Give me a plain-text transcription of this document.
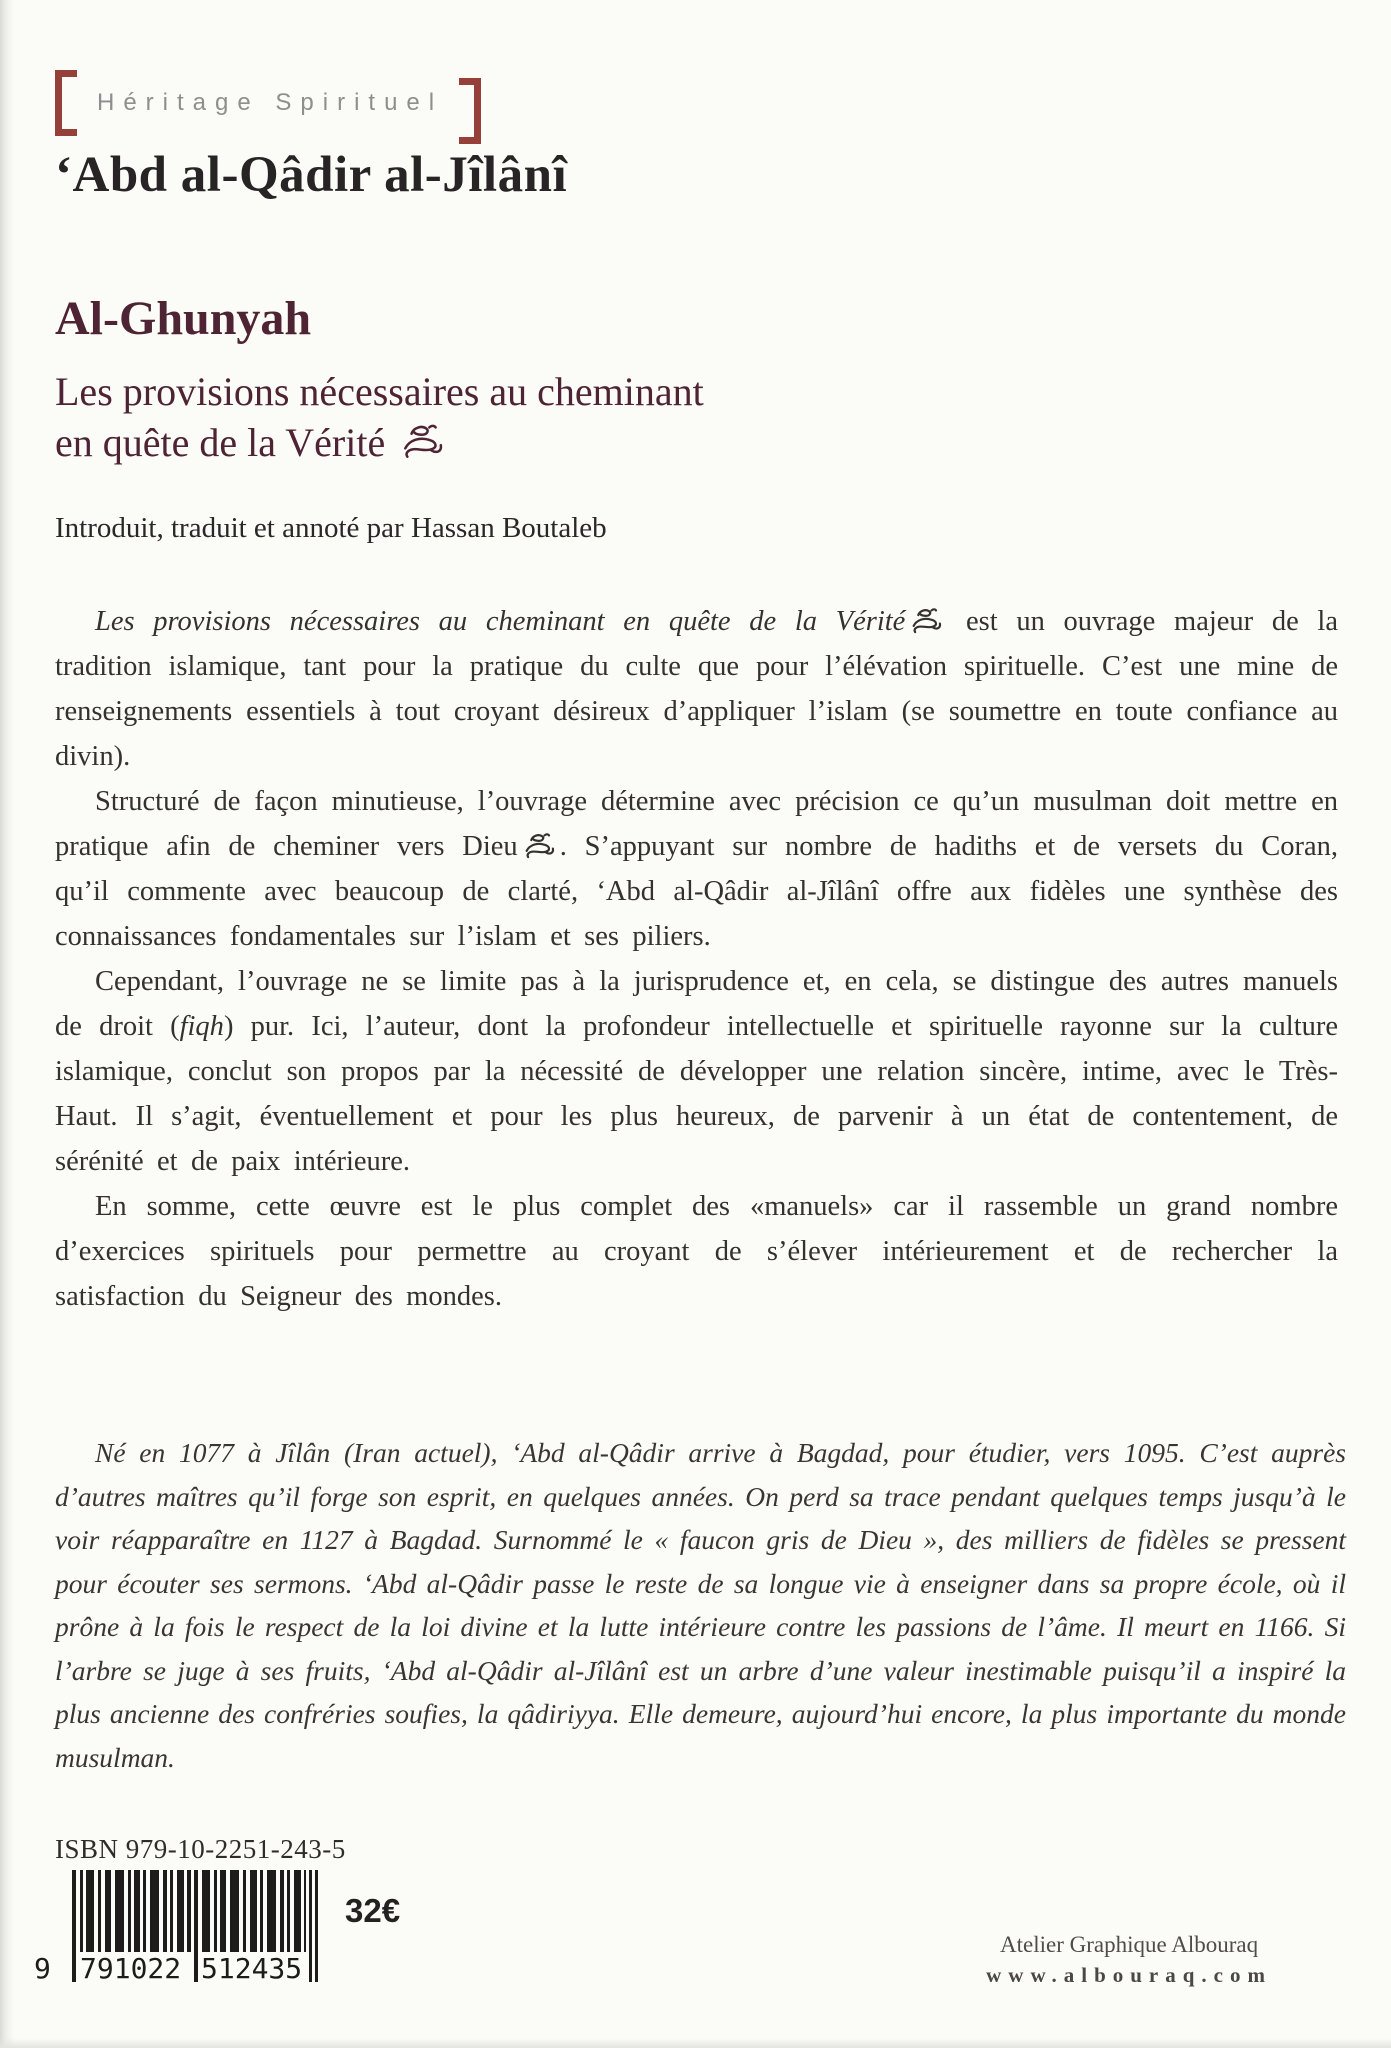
Héritage Spirituel
‘Abd al-Qâdir al-Jîlânî
Al-Ghunyah
Les provisions nécessaires au cheminant
en quête de la Vérité
Introduit, traduit et annoté par Hassan Boutaleb

Les provisions nécessaires au cheminant en quête de la Vérité
est un ouvrage majeur de la tradition islamique, tant pour la pratique du culte que pour l’élévation spirituelle. C’est une mine de renseignements essentiels à tout croyant désireux d’appliquer l’islam (se soumettre en toute confiance au divin).

Structuré de façon minutieuse, l’ouvrage détermine avec précision ce qu’un musulman doit mettre en pratique afin de cheminer vers Dieu . S’appuyant sur nombre de hadiths et de versets du Coran, qu’il commente avec beaucoup de clarté, ‘Abd al-Qâdir al-Jîlânî offre aux fidèles une synthèse des connaissances fondamentales sur l’islam et ses piliers.

Cependant, l’ouvrage ne se limite pas à la jurisprudence et, en cela, se distingue des autres manuels de droit (fiqh) pur. Ici, l’auteur, dont la profondeur intellectuelle et spirituelle rayonne sur la culture islamique, conclut son propos par la nécessité de développer une relation sincère, intime, avec le Très-Haut. Il s’agit, éventuellement et pour les plus heureux, de parvenir à un état de contentement, de sérénité et de paix intérieure.

En somme, cette œuvre est le plus complet des «manuels» car il rassemble un grand nombre d’exercices spirituels pour permettre au croyant de s’élever intérieurement et de rechercher la satisfaction du Seigneur des mondes.

Né en 1077 à Jîlân (Iran actuel), ‘Abd al-Qâdir arrive à Bagdad, pour étudier, vers 1095. C’est auprès d’autres maîtres qu’il forge son esprit, en quelques années. On perd sa trace pendant quelques temps jusqu’à le voir réapparaître en 1127 à Bagdad. Surnommé le « faucon gris de Dieu », des milliers de fidèles se pressent pour écouter ses sermons. ‘Abd al-Qâdir passe le reste de sa longue vie à enseigner dans sa propre école, où il prône à la fois le respect de la loi divine et la lutte intérieure contre les passions de l’âme. Il meurt en 1166. Si l’arbre se juge à ses fruits, ‘Abd al-Qâdir al-Jîlânî est un arbre d’une valeur inestimable puisqu’il a inspiré la plus ancienne des confréries soufies, la qâdiriyya. Elle demeure, aujourd’hui encore, la plus importante du monde musulman.
ISBN 979-10-2251-243-5
9 791022 512435
32€
Atelier Graphique Albouraq
www.albouraq.com
